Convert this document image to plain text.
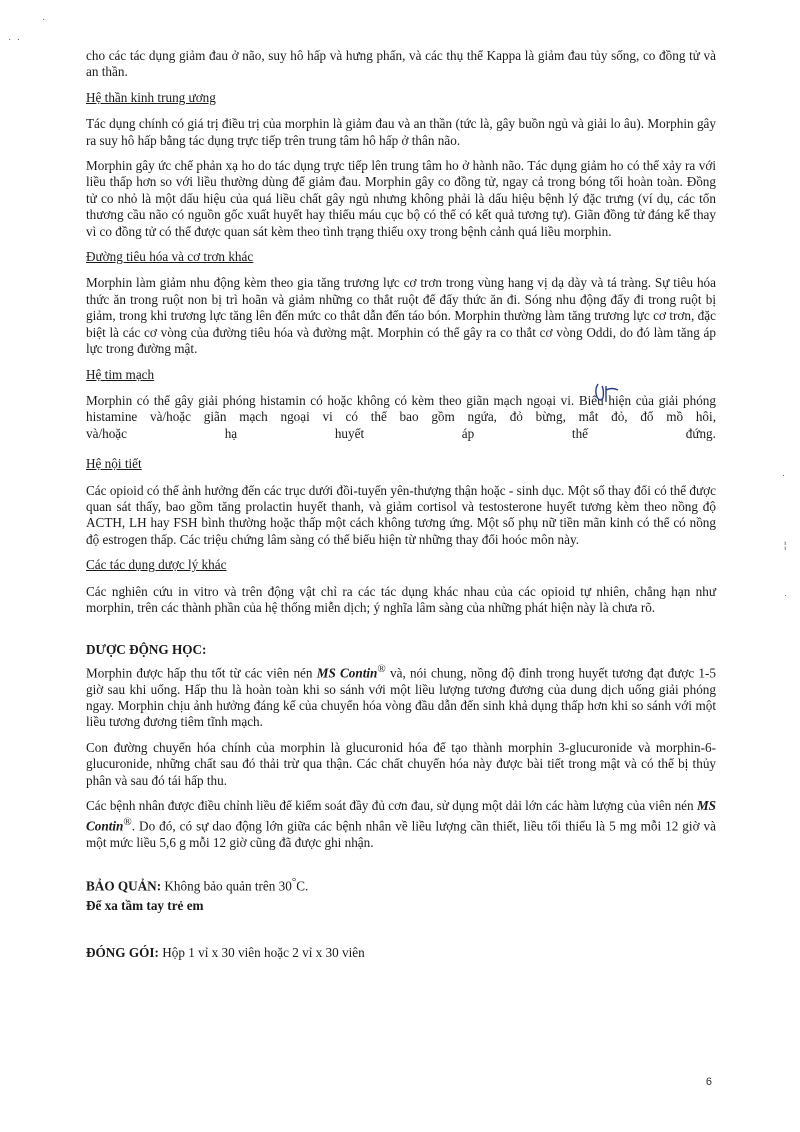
cho các tác dụng giảm đau ở não, suy hô hấp và hưng phấn, và các thụ thể Kappa là giảm đau tủy sống, co đồng tử và an thần.

Hệ thần kinh trung ương

Tác dụng chính có giá trị điều trị của morphin là giảm đau và an thần (tức là, gây buồn ngủ và giải lo âu). Morphin gây ra suy hô hấp bằng tác dụng trực tiếp trên trung tâm hô hấp ở thân não.

Morphin gây ức chế phản xạ ho do tác dụng trực tiếp lên trung tâm ho ở hành não. Tác dụng giảm ho có thể xảy ra với liều thấp hơn so với liều thường dùng để giảm đau. Morphin gây co đồng tử, ngay cả trong bóng tối hoàn toàn. Đồng tử co nhỏ là một dấu hiệu của quá liều chất gây ngủ nhưng không phải là dấu hiệu bệnh lý đặc trưng (ví dụ, các tổn thương cầu não có nguồn gốc xuất huyết hay thiếu máu cục bộ có thể có kết quả tương tự). Giãn đồng tử đáng kể thay vì co đồng tử có thể được quan sát kèm theo tình trạng thiếu oxy trong bệnh cảnh quá liều morphin.

Đường tiêu hóa và cơ trơn khác

Morphin làm giảm nhu động kèm theo gia tăng trương lực cơ trơn trong vùng hang vị dạ dày và tá tràng. Sự tiêu hóa thức ăn trong ruột non bị trì hoãn và giảm những co thắt ruột để đẩy thức ăn đi. Sóng nhu động đẩy đi trong ruột bị giảm, trong khi trương lực tăng lên đến mức co thắt dẫn đến táo bón. Morphin thường làm tăng trương lực cơ trơn, đặc biệt là các cơ vòng của đường tiêu hóa và đường mật. Morphin có thể gây ra co thắt cơ vòng Oddi, do đó làm tăng áp lực trong đường mật.

Hệ tim mạch

Morphin có thể gây giải phóng histamin có hoặc không có kèm theo giãn mạch ngoại vi. Biểu hiện của giải phóng histamine và/hoặc giãn mạch ngoại vi có thể bao gồm ngứa, đỏ bừng, mắt đỏ, đổ mồ hôi,

và/hoặc	hạ	huyết	áp	thế	đứng.
Hệ nội tiết

Các opioid có thể ảnh hưởng đến các trục dưới đồi-tuyến yên-thượng thận hoặc - sinh dục. Một số thay đổi có thể được quan sát thấy, bao gồm tăng prolactin huyết thanh, và giảm cortisol và testosterone huyết tương kèm theo nồng độ ACTH, LH hay FSH bình thường hoặc thấp một cách không tương ứng. Một số phụ nữ tiền mãn kinh có thể có nồng độ estrogen thấp. Các triệu chứng lâm sàng có thể biểu hiện từ những thay đổi hoóc môn này.

Các tác dụng dược lý khác

Các nghiên cứu in vitro và trên động vật chỉ ra các tác dụng khác nhau của các opioid tự nhiên, chẳng hạn như morphin, trên các thành phần của hệ thống miễn dịch; ý nghĩa lâm sàng của những phát hiện này là chưa rõ.

DƯỢC ĐỘNG HỌC:

Morphin được hấp thu tốt từ các viên nén MS Contin® và, nói chung, nồng độ đỉnh trong huyết tương đạt được 1-5 giờ sau khi uống. Hấp thu là hoàn toàn khi so sánh với một liều lượng tương đương của dung dịch uống giải phóng ngay. Morphin chịu ảnh hưởng đáng kể của chuyển hóa vòng đầu dẫn đến sinh khả dụng thấp hơn khi so sánh với một liều tương đương tiêm tĩnh mạch.

Con đường chuyển hóa chính của morphin là glucuronid hóa để tạo thành morphin 3-glucuronide và morphin-6-glucuronide, những chất sau đó thải trừ qua thận. Các chất chuyển hóa này được bài tiết trong mật và có thể bị thủy phân và sau đó tái hấp thu.

Các bệnh nhân được điều chỉnh liều để kiểm soát đầy đủ cơn đau, sử dụng một dải lớn các hàm lượng của viên nén MS Contin®. Do đó, có sự dao động lớn giữa các bệnh nhân về liều lượng cần thiết, liều tối thiểu là 5 mg mỗi 12 giờ và một mức liều 5,6 g mỗi 12 giờ cũng đã được ghi nhận.

BẢO QUẢN: Không bảo quản trên 30°C.
Để xa tầm tay trẻ em
ĐÓNG GÓI: Hộp 1 vỉ x 30 viên hoặc 2 vỉ x 30 viên
·  ·
·
·
¦
·
6
